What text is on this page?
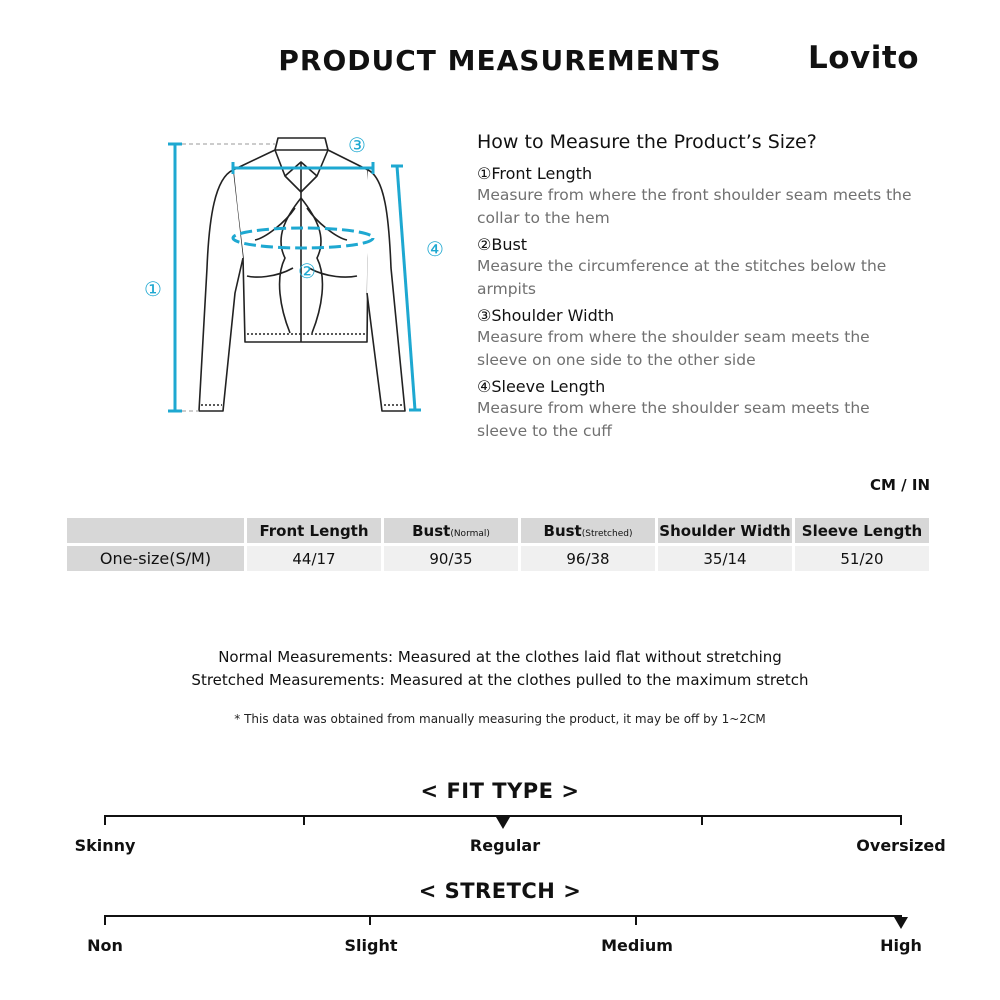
PRODUCT MEASUREMENTS	Lovito
①
②
③
④
How to Measure the Product’s Size?
①Front Length
Measure from where the front shoulder seam meets the collar to the hem
②Bust
Measure the circumference at the stitches below the armpits
③Shoulder Width
Measure from where the shoulder seam meets the sleeve on one side to the other side
④Sleeve Length
Measure from where the shoulder seam meets the sleeve to the cuff
CM / IN
	Front Length	Bust(Normal)	Bust(Stretched)	Shoulder Width	Sleeve Length
One-size(S/M)	44/17	90/35	96/38	35/14	51/20
Normal Measurements: Measured at the clothes laid flat without stretching
Stretched Measurements: Measured at the clothes pulled to the maximum stretch
* This data was obtained from manually measuring the product, it may be off by 1~2CM
< FIT TYPE >
Skinny	Regular	Oversized
< STRETCH >
Non	Slight	Medium	High
